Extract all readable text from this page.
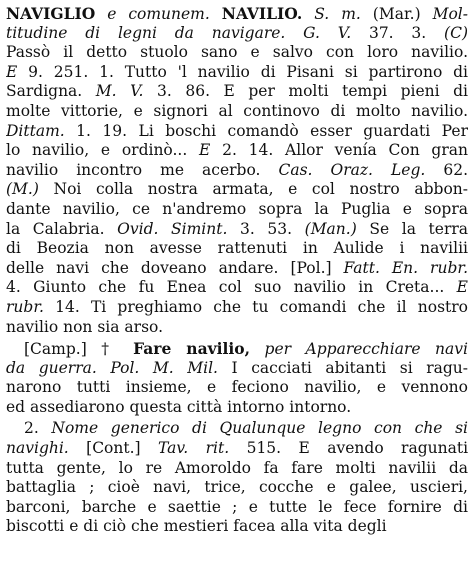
NAVIGLIO e comunem. NAVILIO. S. m. (Mar.) Mol-
titudine di legni da navigare. G. V. 37. 3. (C)
Passò il detto stuolo sano e salvo con loro navilio.
E 9. 251. 1. Tutto 'l navilio di Pisani si partirono di
Sardigna. M. V. 3. 86. E per molti tempi pieni di
molte vittorie, e signori al continovo di molto navilio.
Dittam. 1. 19. Li boschi comandò esser guardati Per
lo navilio, e ordinò... E 2. 14. Allor venía Con gran
navilio incontro me acerbo. Cas. Oraz. Leg. 62.
(M.) Noi colla nostra armata, e col nostro abbon-
dante navilio, ce n'andremo sopra la Puglia e sopra
la Calabria. Ovid. Simint. 3. 53. (Man.) Se la terra
di Beozia non avesse rattenuti in Aulide i navilii
delle navi che doveano andare. [Pol.] Fatt. En. rubr.
4. Giunto che fu Enea col suo navilio in Creta... E
rubr. 14. Ti preghiamo che tu comandi che il nostro
navilio non sia arso.
[Camp.] † Fare navilio, per Apparecchiare navi
da guerra. Pol. M. Mil. I cacciati abitanti si ragu-
narono tutti insieme, e feciono navilio, e vennono
ed assediarono questa città intorno intorno.
2. Nome generico di Qualunque legno con che si
navighi. [Cont.] Tav. rit. 515. E avendo ragunati
tutta gente, lo re Amoroldo fa fare molti navilii da
battaglia ; cioè navi, trice, cocche e galee, uscieri,
barconi, barche e saettie ; e tutte le fece fornire di
biscotti e di ciò che mestieri facea alla vita degli
